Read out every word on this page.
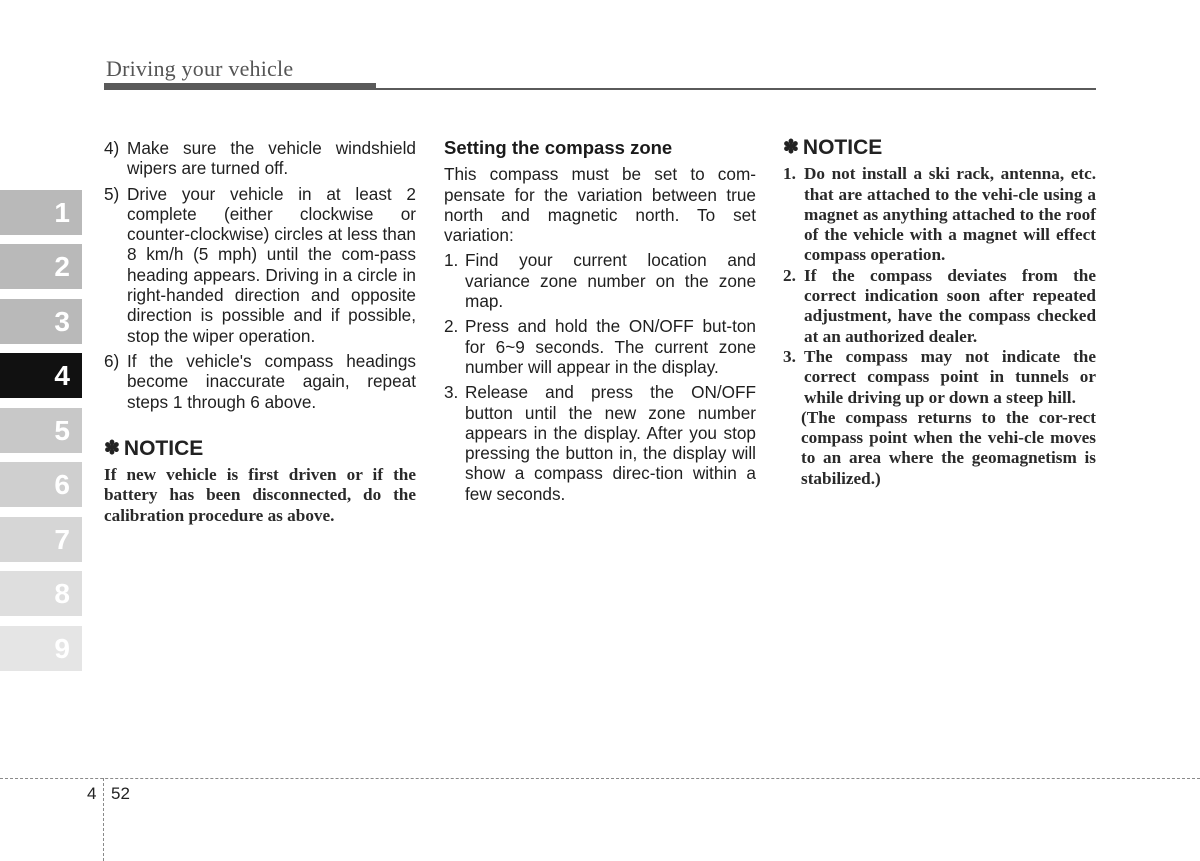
Driving your vehicle
1
2
3
4
5
6
7
8
9
4) Make sure the vehicle windshield wipers are turned off.
5) Drive your vehicle in at least 2 complete (either clockwise or counter-clockwise) circles at less than 8 km/h (5 mph) until the com-pass heading appears. Driving in a circle in right-handed direction and opposite direction is possible and if possible, stop the wiper operation.
6) If the vehicle's compass headings become inaccurate again, repeat steps 1 through 6 above.
✽ NOTICE
If new vehicle is first driven or if the battery has been disconnected, do the calibration procedure as above.
Setting the compass zone

This compass must be set to com-pensate for the variation between true north and magnetic north. To set variation:

1. Find your current location and variance zone number on the zone map.
2. Press and hold the ON/OFF but-ton for 6~9 seconds. The current zone number will appear in the display.
3. Release and press the ON/OFF button until the new zone number appears in the display. After you stop pressing the button in, the display will show a compass direc-tion within a few seconds.
✽ NOTICE
1. Do not install a ski rack, antenna, etc. that are attached to the vehi-cle using a magnet as anything attached to the roof of the vehicle with a magnet will effect compass operation.
2. If the compass deviates from the correct indication soon after repeated adjustment, have the compass checked at an authorized dealer.
3. The compass may not indicate the correct compass point in tunnels or while driving up or down a steep hill.
(The compass returns to the cor-rect compass point when the vehi-cle moves to an area where the geomagnetism is stabilized.)
4 52
